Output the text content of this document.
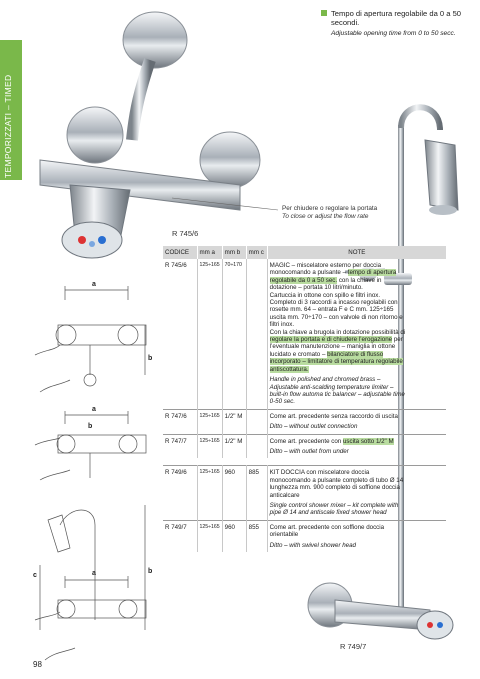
TEMPORIZZATI – TIMED
Tempo di apertura regolabile da 0 a 50 secondi.
Adjustable opening time from 0 to 50 secc.
a
b
a
b
b
a
c
Per chiudere o regolare la portata
To close or adjust the flow rate
R 745/6
R 749/7
CODICE	mm a	mm b	mm c	NOTE
R 745/6	125÷165	70÷170		MAGIC – miscelatore esterno per doccia monocomando a pulsante – tempo di apertura regolabile da 0 a 50 sec. con la chiave in dotazione – portata 10 litri/minuto.
Cartuccia in ottone con spillo e filtri inox. Completo di 3 raccordi a incasso regolabili con rosette mm. 64 – entrata F e C mm. 125÷165 uscita mm. 70÷170 – con valvole di non ritorno e filtri inox.
Con la chiave a brugola in dotazione possibilità di regolare la portata e di chiudere l’erogazione per l’eventuale manutenzione – maniglia in ottone lucidato e cromato – bilanciatore di flusso incorporato – limitatore di temperatura regolabile antiscottatura.
Handle in polished and chromed brass – Adjustable anti-scalding temperature limiter – built-in flow automa tic balancer – adjustable time 0-50 sec.

R 747/6	125÷165	1/2" M		Come art. precedente senza raccordo di uscita
Ditto – without outlet connection

R 747/7	125÷165	1/2" M		Come art. precedente con uscita sotto 1/2" M
Ditto – with outlet from under

R 749/6	125÷165	960	885	KIT DOCCIA con miscelatore doccia monocomando a pulsante completo di tubo Ø 14 lunghezza mm. 900 completo di soffione doccia anticalcare
Single control shower mixer – kit complete with pipe Ø 14 and antiscale fixed shower head

R 749/7	125÷165	960	855	Come art. precedente con soffione doccia orientabile
Ditto – with swivel shower head
98
